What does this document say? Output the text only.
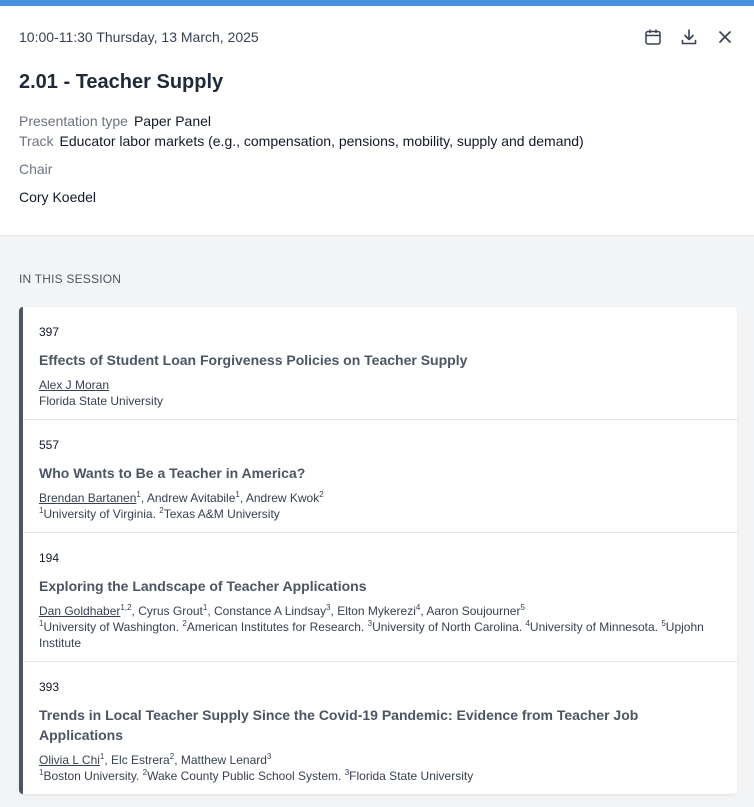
10:00-11:30 Thursday, 13 March, 2025
2.01 - Teacher Supply
Presentation type Paper Panel
Track Educator labor markets (e.g., compensation, pensions, mobility, supply and demand)
Chair
Cory Koedel
IN THIS SESSION
397
Effects of Student Loan Forgiveness Policies on Teacher Supply
Alex J Moran
Florida State University
557
Who Wants to Be a Teacher in America?
Brendan Bartanen$^1$, Andrew Avitabile$^1$, Andrew Kwok$^2$
$^1$University of Virginia. $^2$Texas A&M University
194
Exploring the Landscape of Teacher Applications
Dan Goldhaber$^{1,2}$, Cyrus Grout$^1$, Constance A Lindsay$^3$, Elton Mykerezi$^4$, Aaron Soujourner$^5$
$^1$University of Washington. $^2$American Institutes for Research. $^3$University of North Carolina. $^4$University of Minnesota. $^5$Upjohn Institute
393
Trends in Local Teacher Supply Since the Covid-19 Pandemic: Evidence from Teacher Job Applications
Olivia L Chi$^1$, Elc Estrera$^2$, Matthew Lenard$^3$
$^1$Boston University. $^2$Wake County Public School System. $^3$Florida State University
